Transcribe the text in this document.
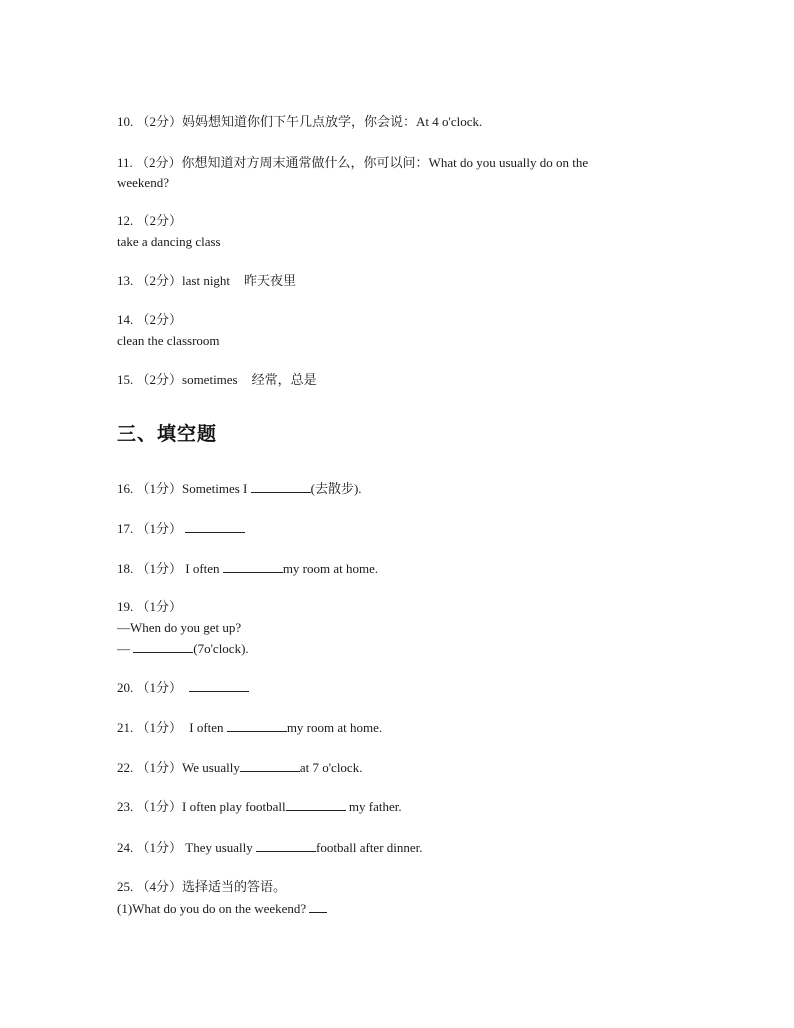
10. （2分）妈妈想知道你们下午几点放学，你会说：At 4 o'clock.
11. （2分）你想知道对方周末通常做什么，你可以问：What do you usually do on the
weekend?
12. （2分）
take a dancing class
13. （2分）last night 昨天夜里
14. （2分）
clean the classroom
15. （2分）sometimes 经常，总是
三、填空题
16. （1分）Sometimes I	(去散步).
17. （1分）
18. （1分） I often	my room at home.
19. （1分）
—When do you get up?
—	(7o'clock).
20. （1分）
21. （1分） I often	my room at home.
22. （1分）We usually	at 7 o'clock.
23. （1分）I often play football	my father.
24. （1分） They usually	football after dinner.
25. （4分）选择适当的答语。
(1)What do you do on the weekend?
